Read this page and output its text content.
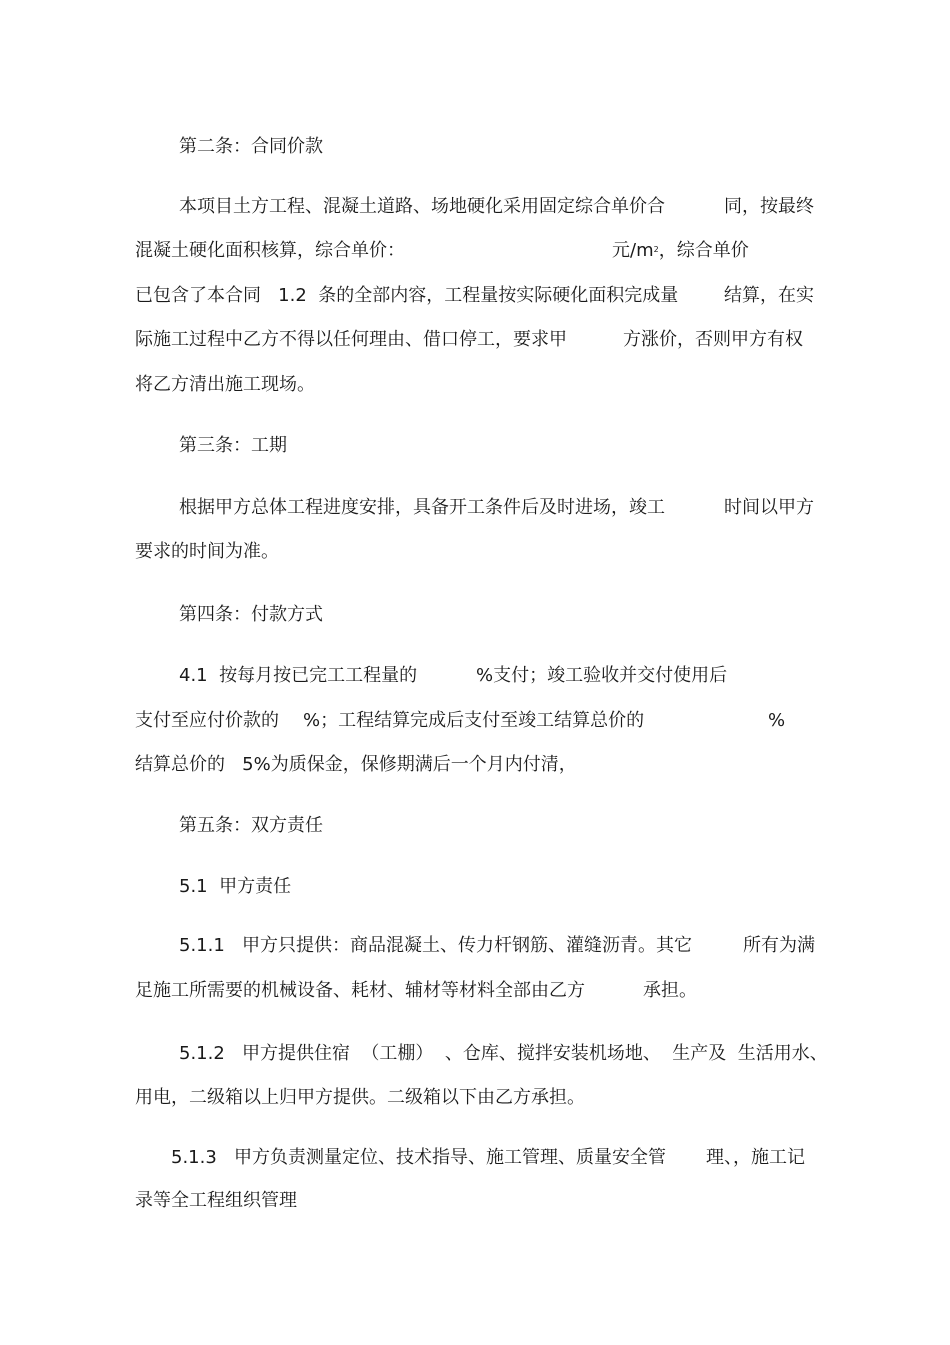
第二条：合同价款
本项目土方工程、混凝土道路、场地硬化采用固定综合单价合	同，按最终
混凝土硬化面积核算，综合单价：	元$/m^2$，综合单价
已包含了本合同   1.2  条的全部内容，工程量按实际硬化面积完成量	结算，在实
际施工过程中乙方不得以任何理由、借口停工，要求甲	方涨价，否则甲方有权
将乙方清出施工现场。
第三条：工期
根据甲方总体工程进度安排，具备开工条件后及时进场，竣工	时间以甲方
要求的时间为准。
第四条：付款方式
4.1  按每月按已完工工程量的	%支付；竣工验收并交付使用后
支付至应付价款的 %；工程结算完成后支付至竣工结算总价的	%
结算总价的   5%为质保金，保修期满后一个月内付清，
第五条：双方责任
5.1  甲方责任
5.1.1   甲方只提供：商品混凝土、传力杆钢筋、灌缝沥青。其它	所有为满
足施工所需要的机械设备、耗材、辅材等材料全部由乙方	承担。
5.1.2   甲方提供住宿  （工棚）  、仓库、搅拌安装机场地、  生产及  生活用水、
用电，二级箱以上归甲方提供。二级箱以下由乙方承担。
5.1.3   甲方负责测量定位、技术指导、施工管理、质量安全管 理、，施工记
录等全工程组织管理
